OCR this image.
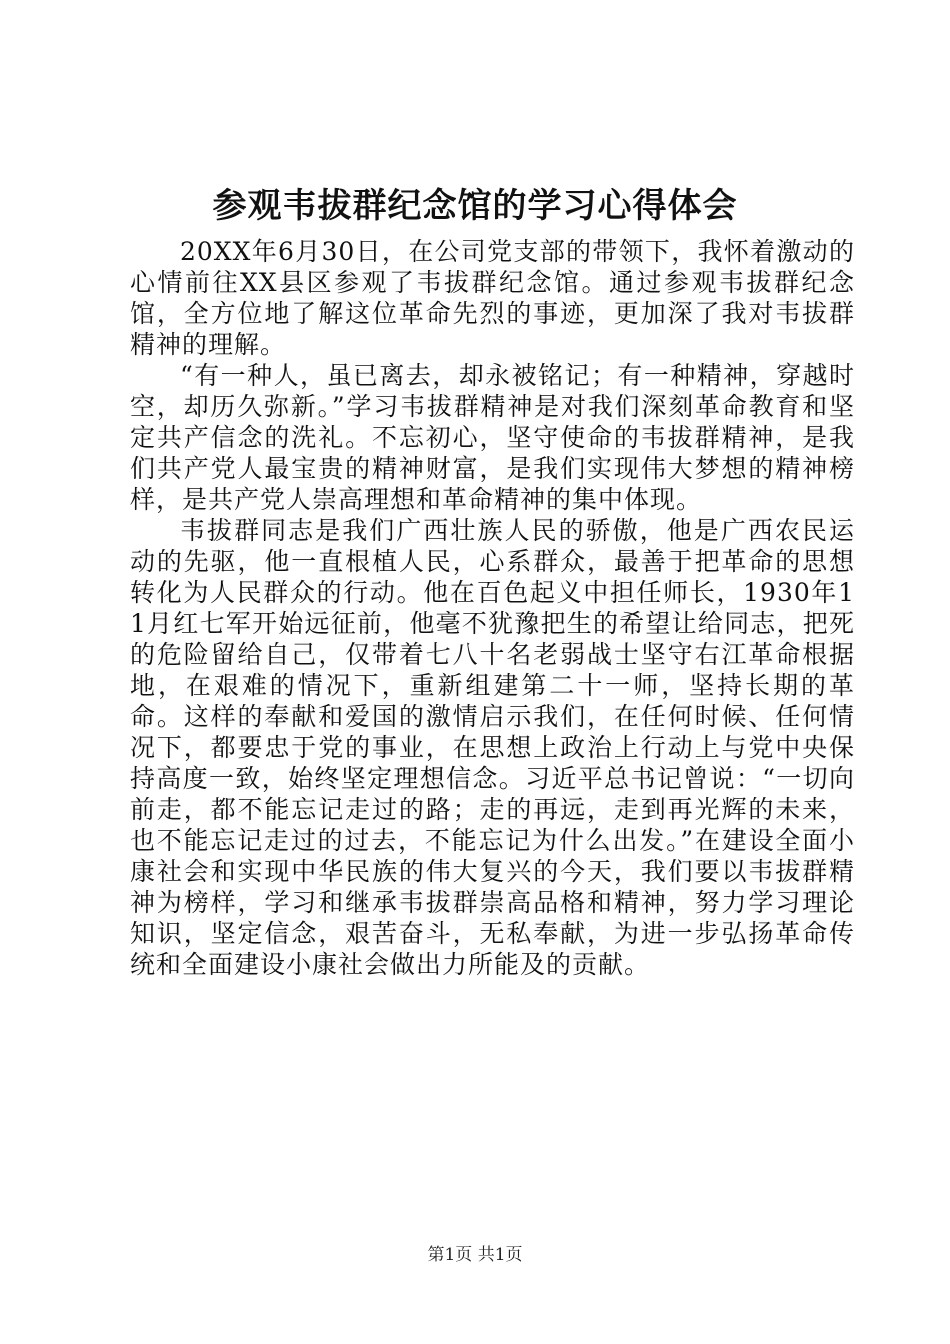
参观韦拔群纪念馆的学习心得体会

20XX年6月30日，在公司党支部的带领下，我怀着激动的心情前往XX县区参观了韦拔群纪念馆。通过参观韦拔群纪念馆，全方位地了解这位革命先烈的事迹，更加深了我对韦拔群精神的理解。

“有一种人，虽已离去，却永被铭记；有一种精神，穿越时空，却历久弥新。”学习韦拔群精神是对我们深刻革命教育和坚定共产信念的洗礼。不忘初心，坚守使命的韦拔群精神，是我们共产党人最宝贵的精神财富，是我们实现伟大梦想的精神榜样，是共产党人崇高理想和革命精神的集中体现。

韦拔群同志是我们广西壮族人民的骄傲，他是广西农民运动的先驱，他一直根植人民，心系群众，最善于把革命的思想转化为人民群众的行动。他在百色起义中担任师长，1930年11月红七军开始远征前，他毫不犹豫把生的希望让给同志，把死的危险留给自己，仅带着七八十名老弱战士坚守右江革命根据地，在艰难的情况下，重新组建第二十一师，坚持长期的革命。这样的奉献和爱国的激情启示我们，在任何时候、任何情况下，都要忠于党的事业，在思想上政治上行动上与党中央保持高度一致，始终坚定理想信念。习近平总书记曾说：“一切向前走，都不能忘记走过的路；走的再远，走到再光辉的未来，也不能忘记走过的过去，不能忘记为什么出发。”在建设全面小康社会和实现中华民族的伟大复兴的今天，我们要以韦拔群精神为榜样，学习和继承韦拔群崇高品格和精神，努力学习理论知识，坚定信念，艰苦奋斗，无私奉献，为进一步弘扬革命传统和全面建设小康社会做出力所能及的贡献。

第1页 共1页
